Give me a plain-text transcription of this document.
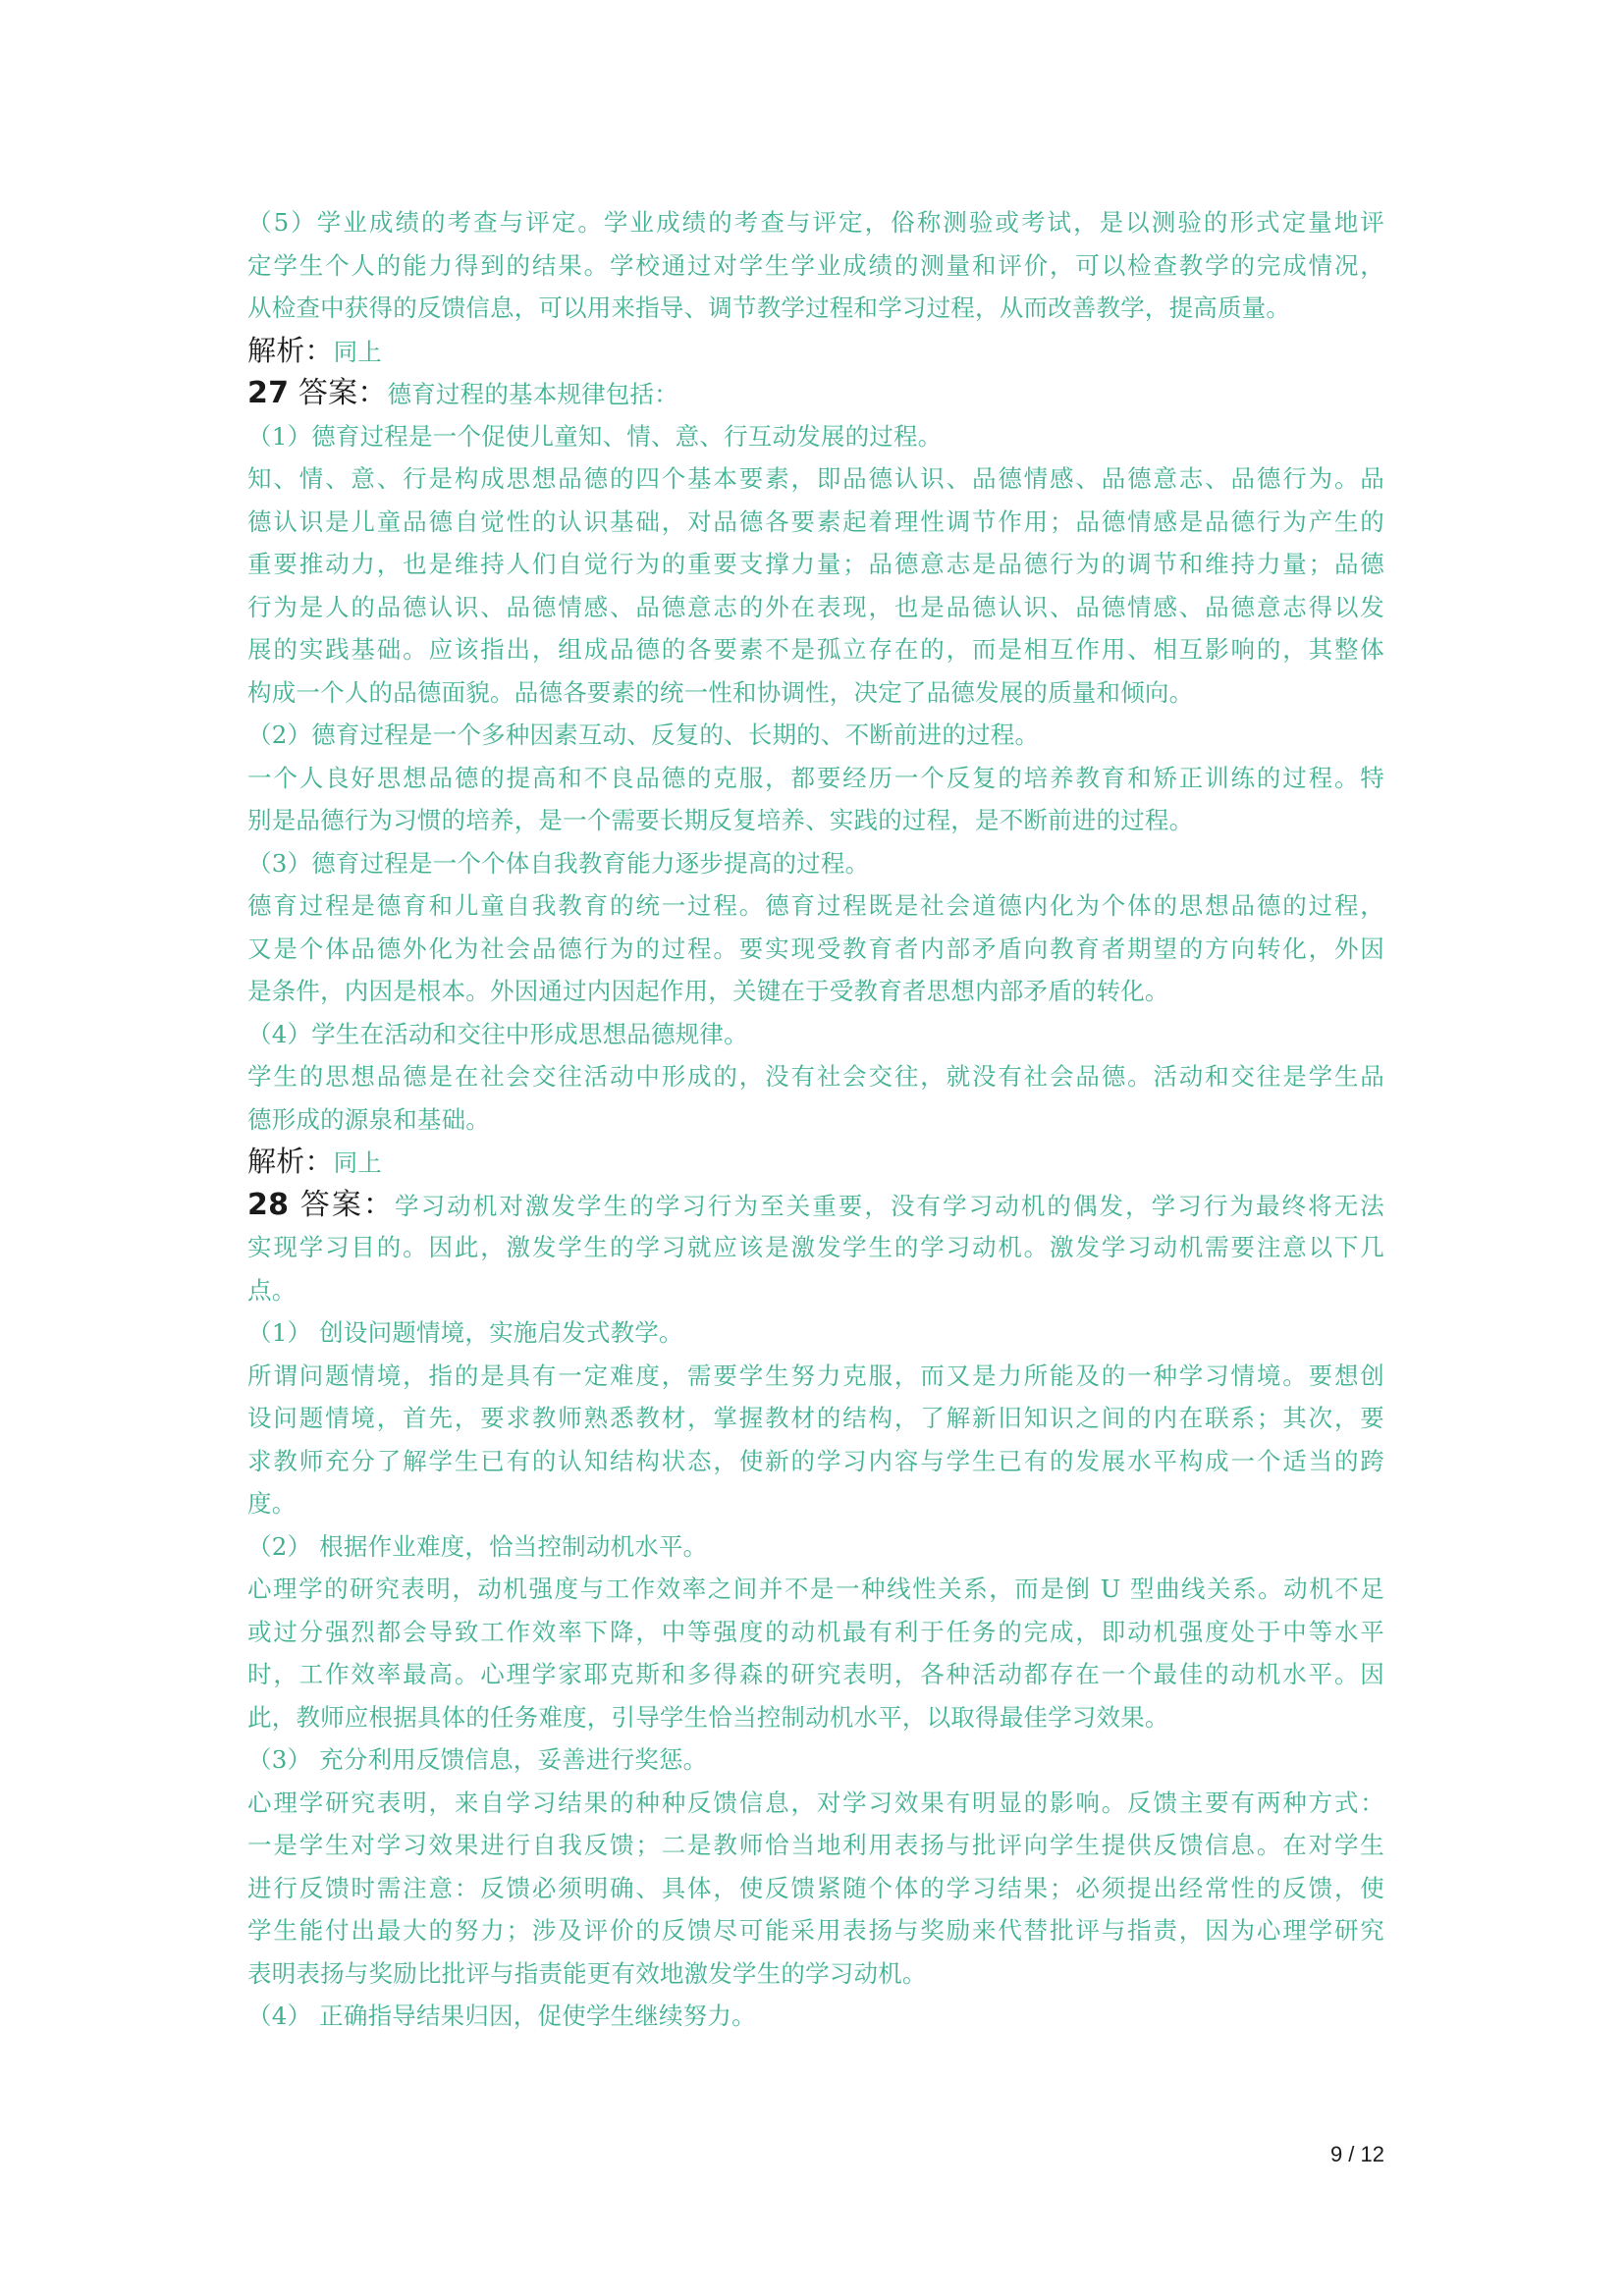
（5）学业成绩的考查与评定。学业成绩的考查与评定，俗称测验或考试，是以测验的形式定量地评
定学生个人的能力得到的结果。学校通过对学生学业成绩的测量和评价，可以检查教学的完成情况，
从检查中获得的反馈信息，可以用来指导、调节教学过程和学习过程，从而改善教学，提高质量。
解析：同上
27 答案：德育过程的基本规律包括：
（1）德育过程是一个促使儿童知、情、意、行互动发展的过程。
知、情、意、行是构成思想品德的四个基本要素，即品德认识、品德情感、品德意志、品德行为。品
德认识是儿童品德自觉性的认识基础，对品德各要素起着理性调节作用；品德情感是品德行为产生的
重要推动力，也是维持人们自觉行为的重要支撑力量；品德意志是品德行为的调节和维持力量；品德
行为是人的品德认识、品德情感、品德意志的外在表现，也是品德认识、品德情感、品德意志得以发
展的实践基础。应该指出，组成品德的各要素不是孤立存在的，而是相互作用、相互影响的，其整体
构成一个人的品德面貌。品德各要素的统一性和协调性，决定了品德发展的质量和倾向。
（2）德育过程是一个多种因素互动、反复的、长期的、不断前进的过程。
一个人良好思想品德的提高和不良品德的克服，都要经历一个反复的培养教育和矫正训练的过程。特
别是品德行为习惯的培养，是一个需要长期反复培养、实践的过程，是不断前进的过程。
（3）德育过程是一个个体自我教育能力逐步提高的过程。
德育过程是德育和儿童自我教育的统一过程。德育过程既是社会道德内化为个体的思想品德的过程，
又是个体品德外化为社会品德行为的过程。要实现受教育者内部矛盾向教育者期望的方向转化，外因
是条件，内因是根本。外因通过内因起作用，关键在于受教育者思想内部矛盾的转化。
（4）学生在活动和交往中形成思想品德规律。
学生的思想品德是在社会交往活动中形成的，没有社会交往，就没有社会品德。活动和交往是学生品
德形成的源泉和基础。
解析：同上
28 答案：学习动机对激发学生的学习行为至关重要，没有学习动机的偶发，学习行为最终将无法
实现学习目的。因此，激发学生的学习就应该是激发学生的学习动机。激发学习动机需要注意以下几
点。
（1） 创设问题情境，实施启发式教学。
所谓问题情境，指的是具有一定难度，需要学生努力克服，而又是力所能及的一种学习情境。要想创
设问题情境，首先，要求教师熟悉教材，掌握教材的结构，了解新旧知识之间的内在联系；其次，要
求教师充分了解学生已有的认知结构状态，使新的学习内容与学生已有的发展水平构成一个适当的跨
度。
（2） 根据作业难度，恰当控制动机水平。
心理学的研究表明，动机强度与工作效率之间并不是一种线性关系，而是倒 U 型曲线关系。动机不足
或过分强烈都会导致工作效率下降，中等强度的动机最有利于任务的完成，即动机强度处于中等水平
时，工作效率最高。心理学家耶克斯和多得森的研究表明，各种活动都存在一个最佳的动机水平。因
此，教师应根据具体的任务难度，引导学生恰当控制动机水平，以取得最佳学习效果。
（3） 充分利用反馈信息，妥善进行奖惩。
心理学研究表明，来自学习结果的种种反馈信息，对学习效果有明显的影响。反馈主要有两种方式：
一是学生对学习效果进行自我反馈；二是教师恰当地利用表扬与批评向学生提供反馈信息。在对学生
进行反馈时需注意：反馈必须明确、具体，使反馈紧随个体的学习结果；必须提出经常性的反馈，使
学生能付出最大的努力；涉及评价的反馈尽可能采用表扬与奖励来代替批评与指责，因为心理学研究
表明表扬与奖励比批评与指责能更有效地激发学生的学习动机。
（4） 正确指导结果归因，促使学生继续努力。
9 / 12
